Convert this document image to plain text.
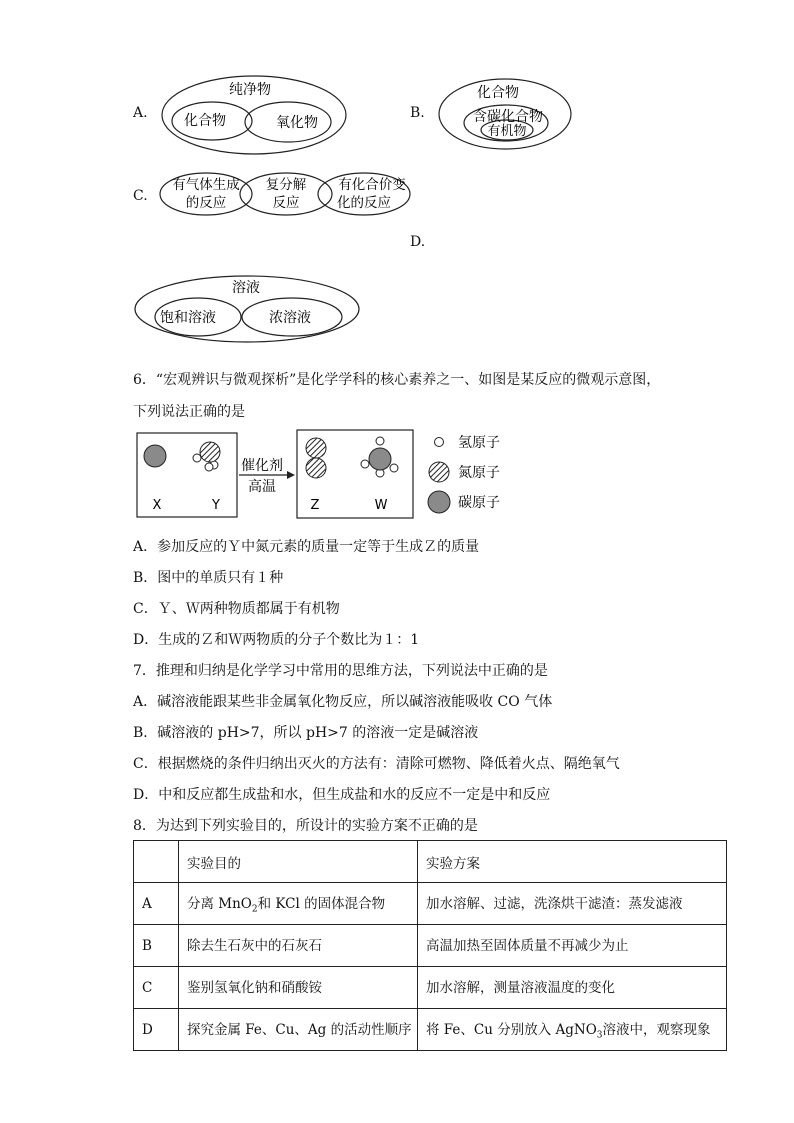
A.	B.
C.
D.
纯净物
化合物	氧化物
化合物
含碳化合物
有机物
有气体生成
的反应
复分解
反应
有化合价变
化的反应
溶液
饱和溶液	浓溶液
6．“宏观辨识与微观探析”是化学学科的核心素养之一、如图是某反应的微观示意图，
下列说法正确的是
X	Y
催化剂
高温
Z	W
氢原子
氮原子
碳原子
A．参加反应的Ｙ中氮元素的质量一定等于生成Ｚ的质量
B．图中的单质只有１种
C．Ｙ、Ｗ两种物质都属于有机物
D．生成的Ｚ和Ｗ两物质的分子个数比为１：1
7．推理和归纳是化学学习中常用的思维方法，下列说法中正确的是
A．碱溶液能跟某些非金属氧化物反应，所以碱溶液能吸收 CO 气体
B．碱溶液的 pH>7，所以 pH>7 的溶液一定是碱溶液
C．根据燃烧的条件归纳出灭火的方法有：清除可燃物、降低着火点、隔绝氧气
D．中和反应都生成盐和水，但生成盐和水的反应不一定是中和反应
8．为达到下列实验目的，所设计的实验方案不正确的是
	实验目的	实验方案
A	分离 MnO$_2$和 KCl 的固体混合物	加水溶解、过滤，洗涤烘干滤渣：蒸发滤液
B	除去生石灰中的石灰石	高温加热至固体质量不再减少为止
C	鉴别氢氧化钠和硝酸铵	加水溶解，测量溶液温度的变化
D	探究金属 Fe、Cu、Ag 的活动性顺序	将 Fe、Cu 分别放入 AgNO$_3$溶液中，观察现象
